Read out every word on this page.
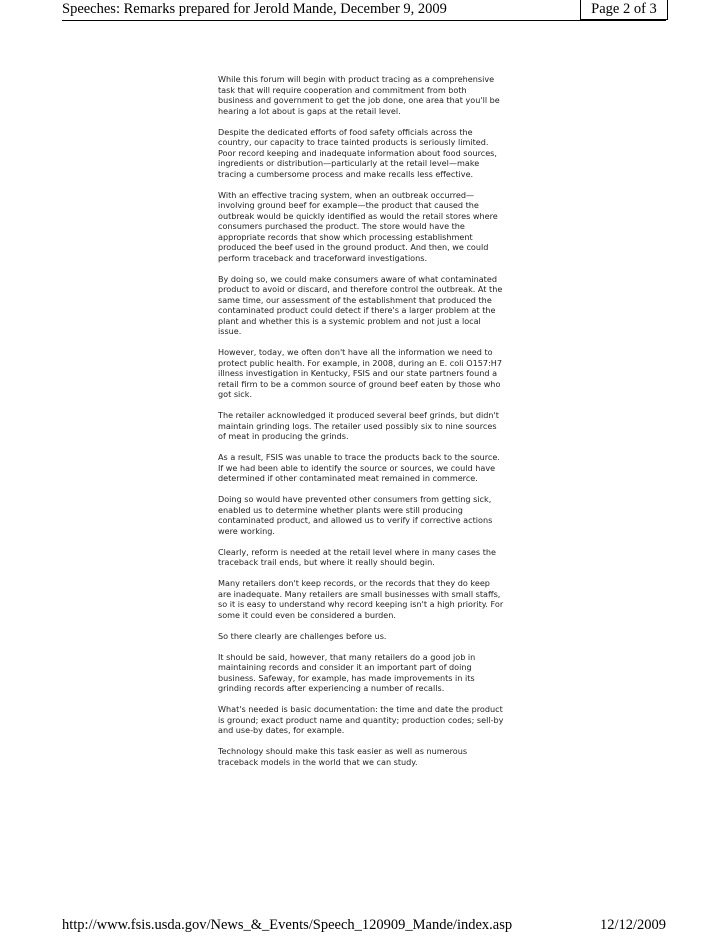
Speeches: Remarks prepared for Jerold Mande, December 9, 2009	Page 2 of 3

While this forum will begin with product tracing as a comprehensive task that will require cooperation and commitment from both business and government to get the job done, one area that you'll be hearing a lot about is gaps at the retail level.

Despite the dedicated efforts of food safety officials across the country, our capacity to trace tainted products is seriously limited. Poor record keeping and inadequate information about food sources, ingredients or distribution—particularly at the retail level—make tracing a cumbersome process and make recalls less effective.

With an effective tracing system, when an outbreak occurred—involving ground beef for example—the product that caused the outbreak would be quickly identified as would the retail stores where consumers purchased the product. The store would have the appropriate records that show which processing establishment produced the beef used in the ground product. And then, we could perform traceback and traceforward investigations.

By doing so, we could make consumers aware of what contaminated product to avoid or discard, and therefore control the outbreak. At the same time, our assessment of the establishment that produced the contaminated product could detect if there's a larger problem at the plant and whether this is a systemic problem and not just a local issue.

However, today, we often don't have all the information we need to protect public health. For example, in 2008, during an E. coli O157:H7 illness investigation in Kentucky, FSIS and our state partners found a retail firm to be a common source of ground beef eaten by those who got sick.

The retailer acknowledged it produced several beef grinds, but didn't maintain grinding logs. The retailer used possibly six to nine sources of meat in producing the grinds.

As a result, FSIS was unable to trace the products back to the source. If we had been able to identify the source or sources, we could have determined if other contaminated meat remained in commerce.

Doing so would have prevented other consumers from getting sick, enabled us to determine whether plants were still producing contaminated product, and allowed us to verify if corrective actions were working.

Clearly, reform is needed at the retail level where in many cases the traceback trail ends, but where it really should begin.

Many retailers don't keep records, or the records that they do keep are inadequate. Many retailers are small businesses with small staffs, so it is easy to understand why record keeping isn't a high priority. For some it could even be considered a burden.

So there clearly are challenges before us.

It should be said, however, that many retailers do a good job in maintaining records and consider it an important part of doing business. Safeway, for example, has made improvements in its grinding records after experiencing a number of recalls.

What's needed is basic documentation: the time and date the product is ground; exact product name and quantity; production codes; sell-by and use-by dates, for example.

Technology should make this task easier as well as numerous traceback models in the world that we can study.

http://www.fsis.usda.gov/News_&_Events/Speech_120909_Mande/index.asp	12/12/2009
